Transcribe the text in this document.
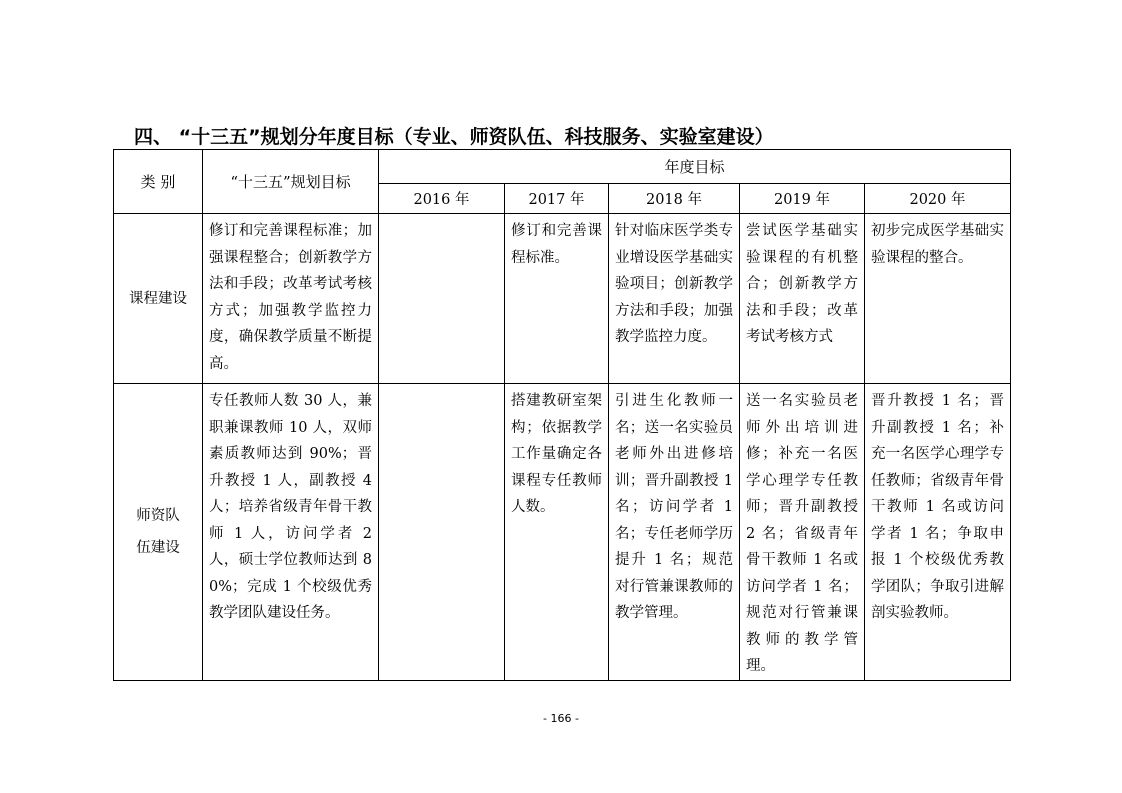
四、 “十三五”规划分年度目标（专业、师资队伍、科技服务、实验室建设）
类 别	“十三五”规划目标	年度目标				
		2016 年	2017 年	2018 年	2019 年	2020 年
课程建设	修订和完善课程标准；加强课程整合；创新教学方法和手段；改革考试考核方式；加强教学监控力度，确保教学质量不断提高。		修订和完善课程标准。	针对临床医学类专业增设医学基础实验项目；创新教学方法和手段；加强教学监控力度。	尝试医学基础实验课程的有机整合；创新教学方法和手段；改革考试考核方式	初步完成医学基础实验课程的整合。

师资队伍建设	专任教师人数 30 人，兼职兼课教师 10 人，双师素质教师达到 90%；晋升教授 1 人，副教授 4 人；培养省级青年骨干教师 1 人，访问学者 2 人，硕士学位教师达到 80%；完成 1 个校级优秀教学团队建设任务。		搭建教研室架构；依据教学工作量确定各课程专任教师人数。	引进生化教师一名；送一名实验员老师外出进修培训；晋升副教授 1 名；访问学者 1 名；专任老师学历提升 1 名；规范对行管兼课教师的教学管理。	送一名实验员老师外出培训进修；补充一名医学心理学专任教师；晋升副教授 2 名；省级青年骨干教师 1 名或访问学者 1 名；规范对行管兼课教师的教学管理。	晋升教授 1 名；晋升副教授 1 名；补充一名医学心理学专任教师；省级青年骨干教师 1 名或访问学者 1 名；争取申报 1 个校级优秀教学团队；争取引进解剖实验教师。
- 166 -
